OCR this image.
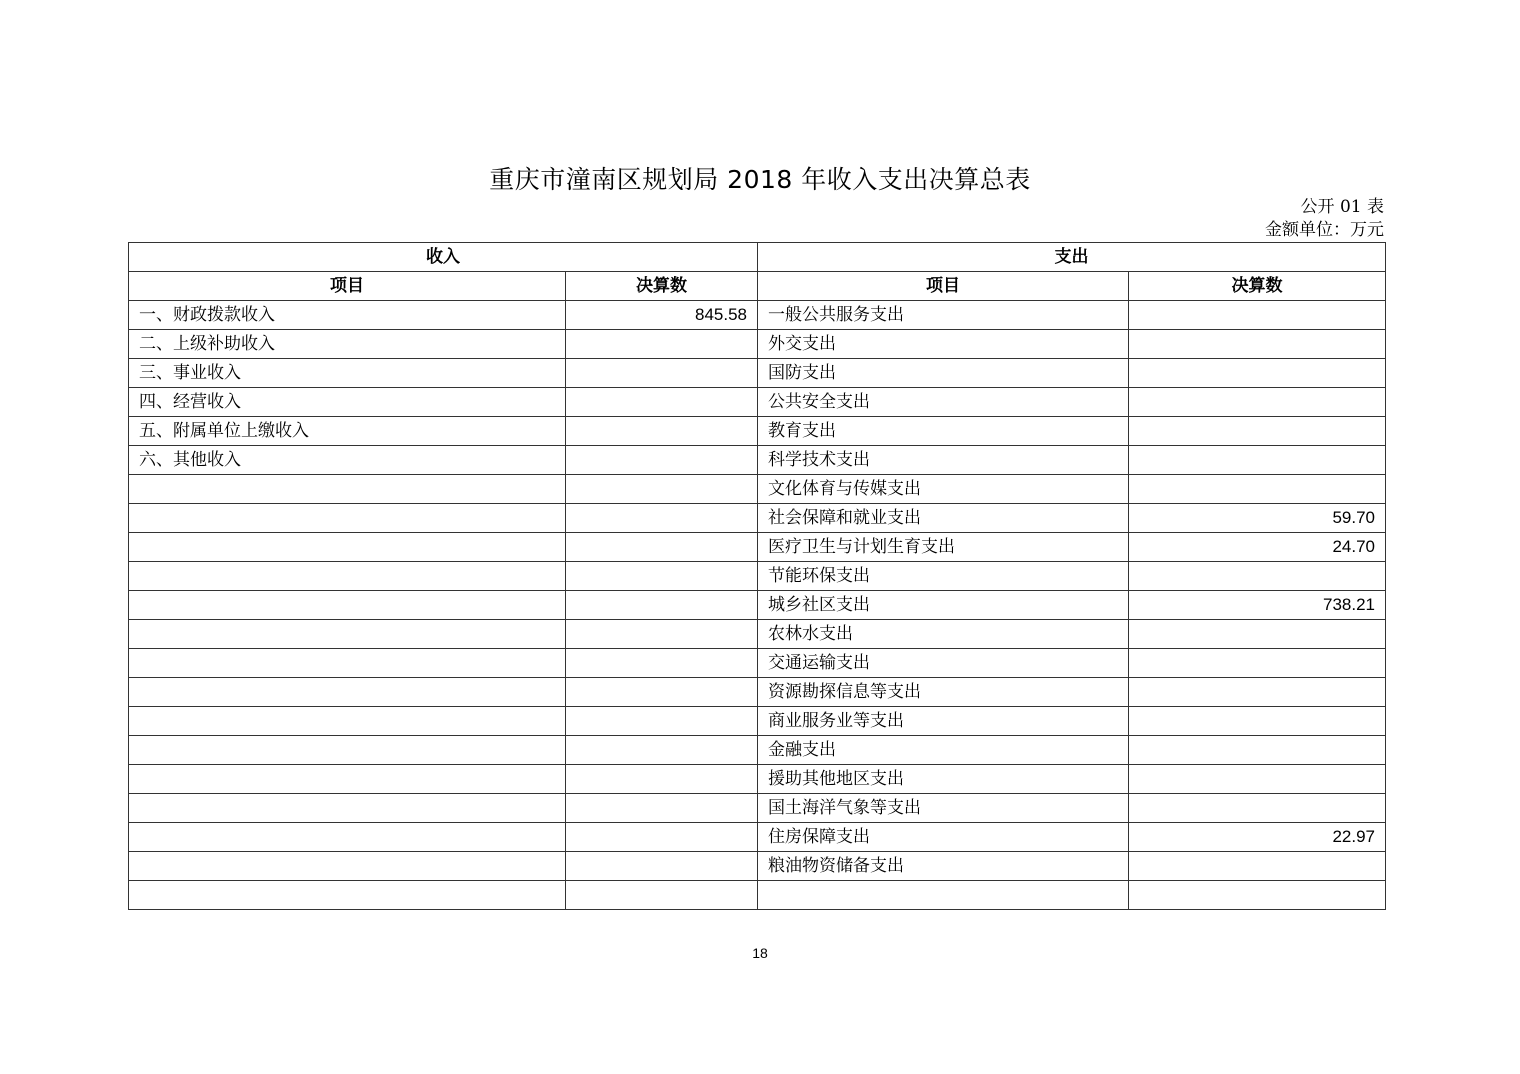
重庆市潼南区规划局 2018 年收入支出决算总表
公开 01 表
金额单位：万元
收入		支出	
项目	决算数	项目	决算数
一、财政拨款收入	845.58	一般公共服务支出	
二、上级补助收入		外交支出	
三、事业收入		国防支出	
四、经营收入		公共安全支出	
五、附属单位上缴收入		教育支出	
六、其他收入		科学技术支出	
		文化体育与传媒支出	
		社会保障和就业支出	59.70
		医疗卫生与计划生育支出	24.70
		节能环保支出	
		城乡社区支出	738.21
		农林水支出	
		交通运输支出	
		资源勘探信息等支出	
		商业服务业等支出	
		金融支出	
		援助其他地区支出	
		国土海洋气象等支出	
		住房保障支出	22.97
		粮油物资储备支出	

18
